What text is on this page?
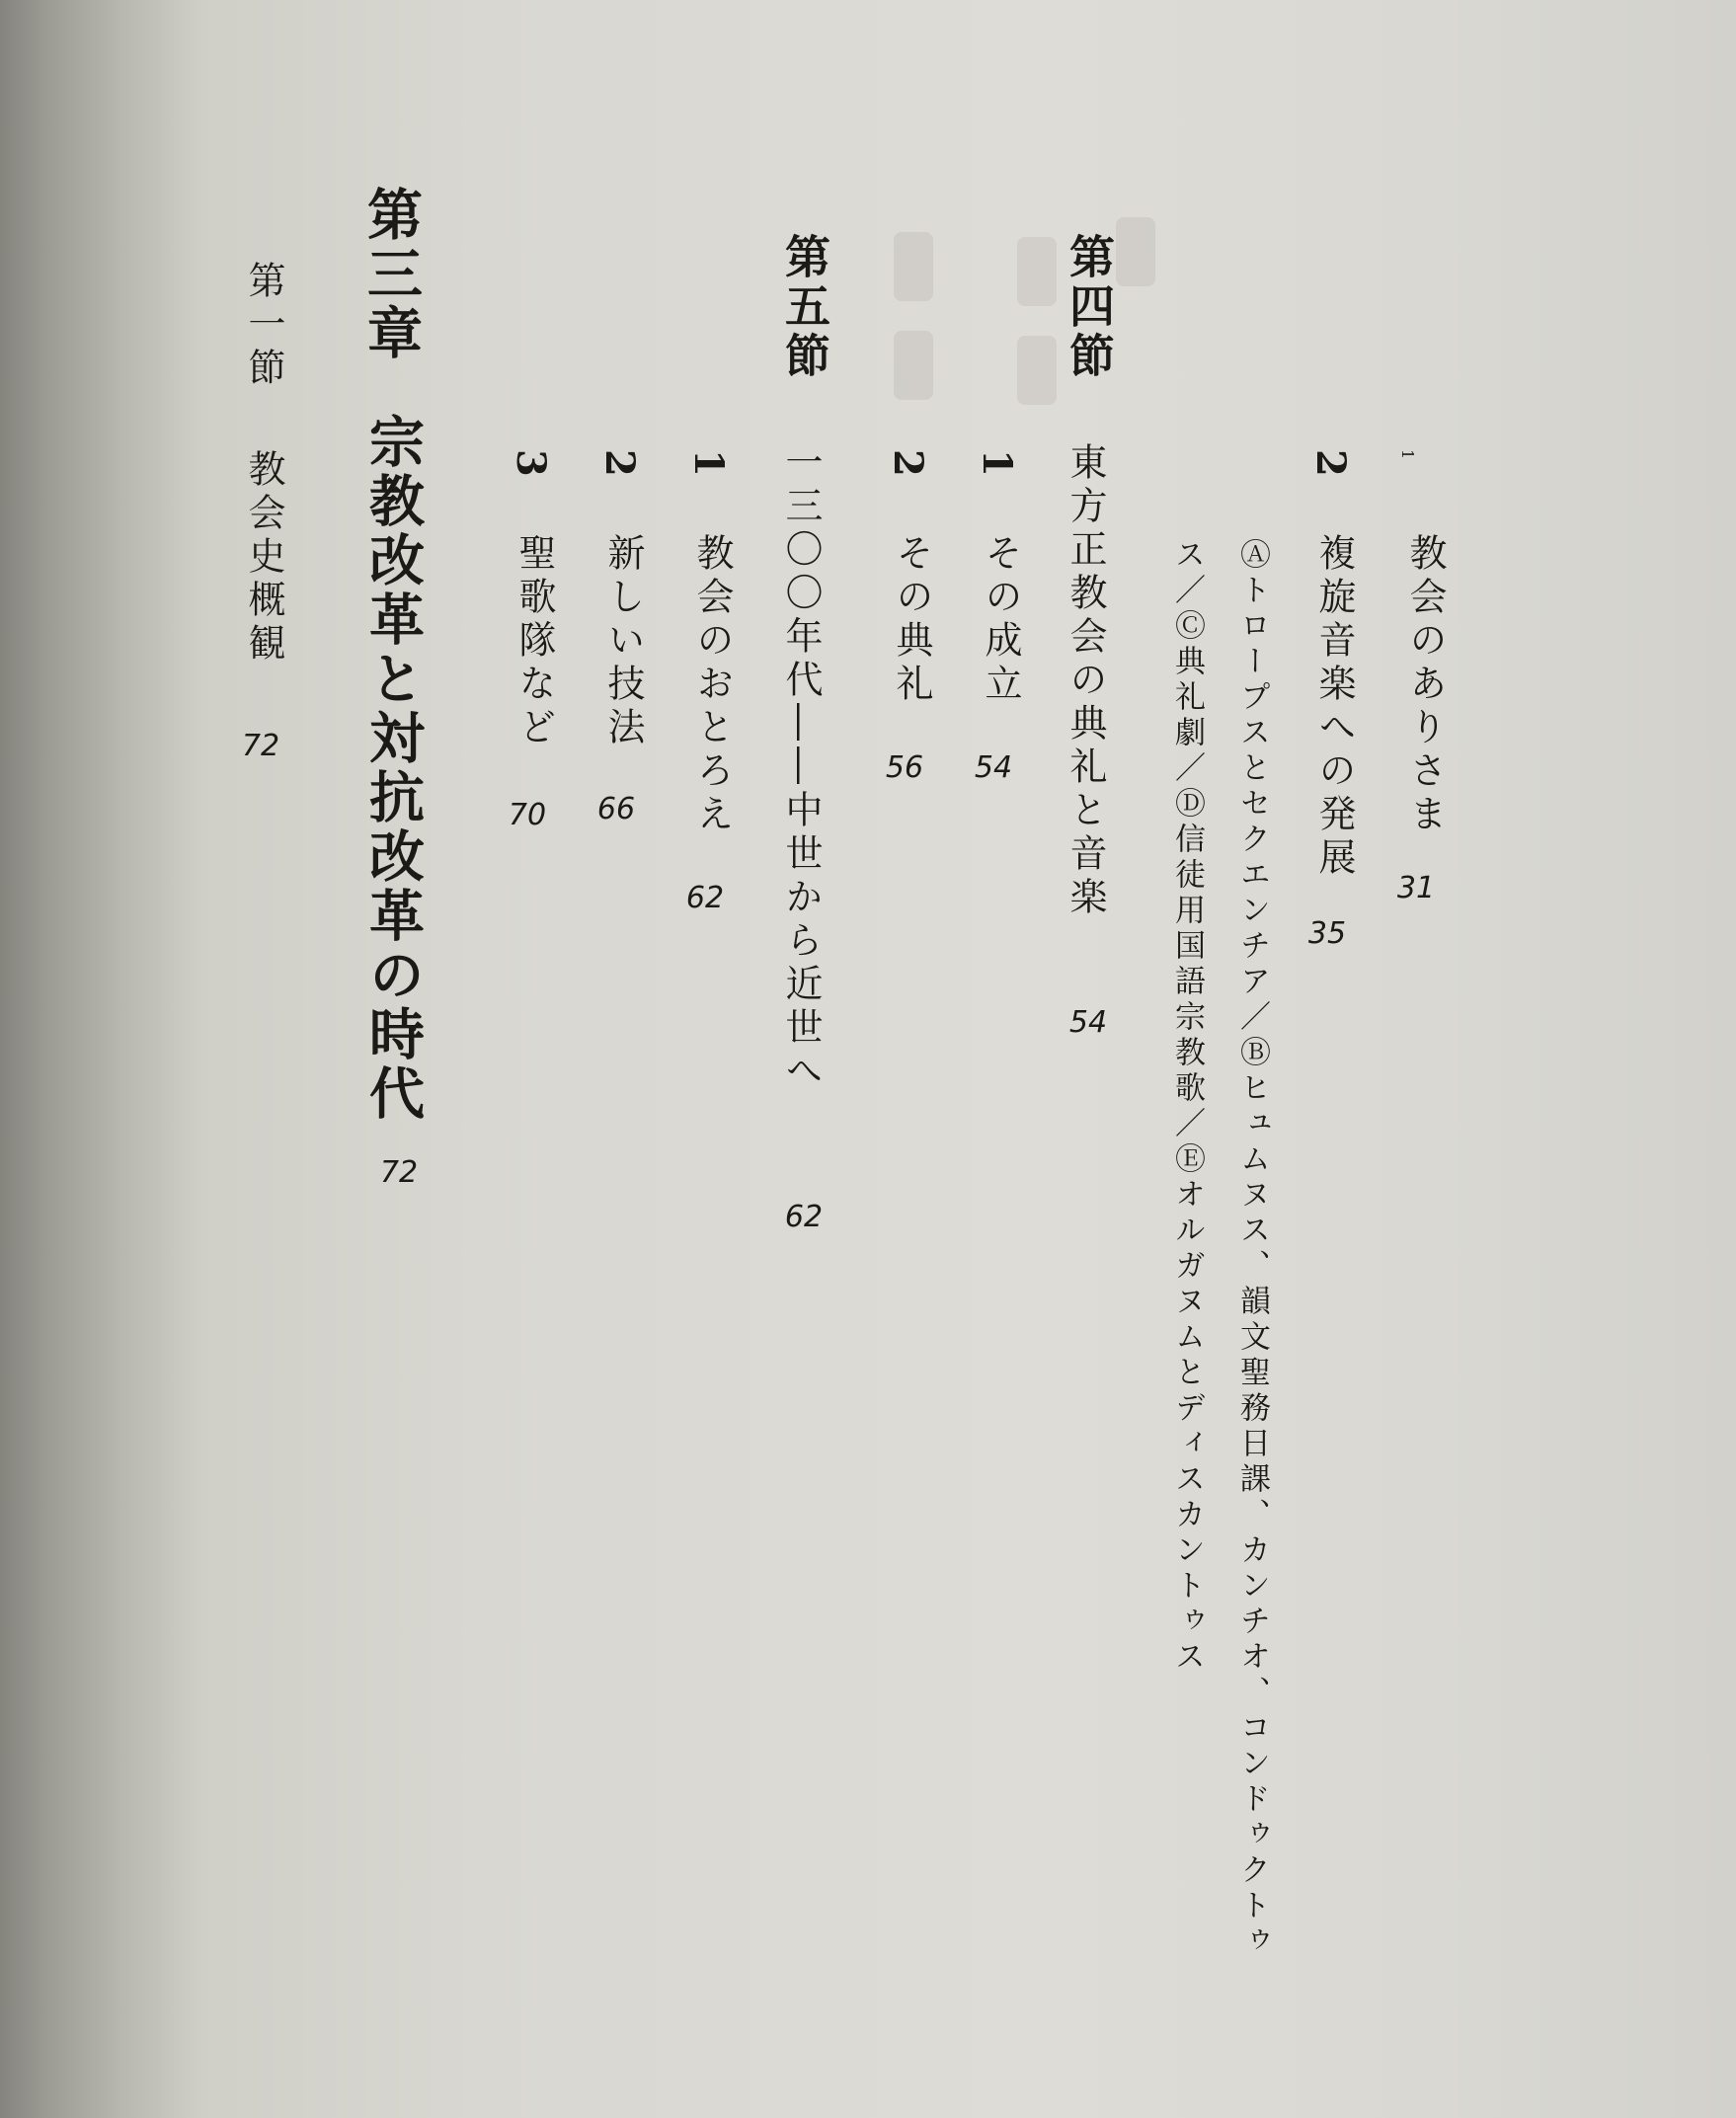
1
教会のありさま
31
2
複旋音楽への発展
35
Ⓐトロープスとセクエンチア／Ⓑヒュムヌス、韻文聖務日課、カンチオ、コンドゥクトゥ
ス／Ⓒ典礼劇／Ⓓ信徒用国語宗教歌／Ⓔオルガヌムとディスカントゥス
第四節
東方正教会の典礼と音楽
54
1
その成立
54
2
その典礼
56
第五節
一三〇〇年代――中世から近世へ
62
1
教会のおとろえ
62
2
新しい技法
66
3
聖歌隊など
70
第三章
宗教改革と対抗改革の時代
72
第一節
教会史概観
72
